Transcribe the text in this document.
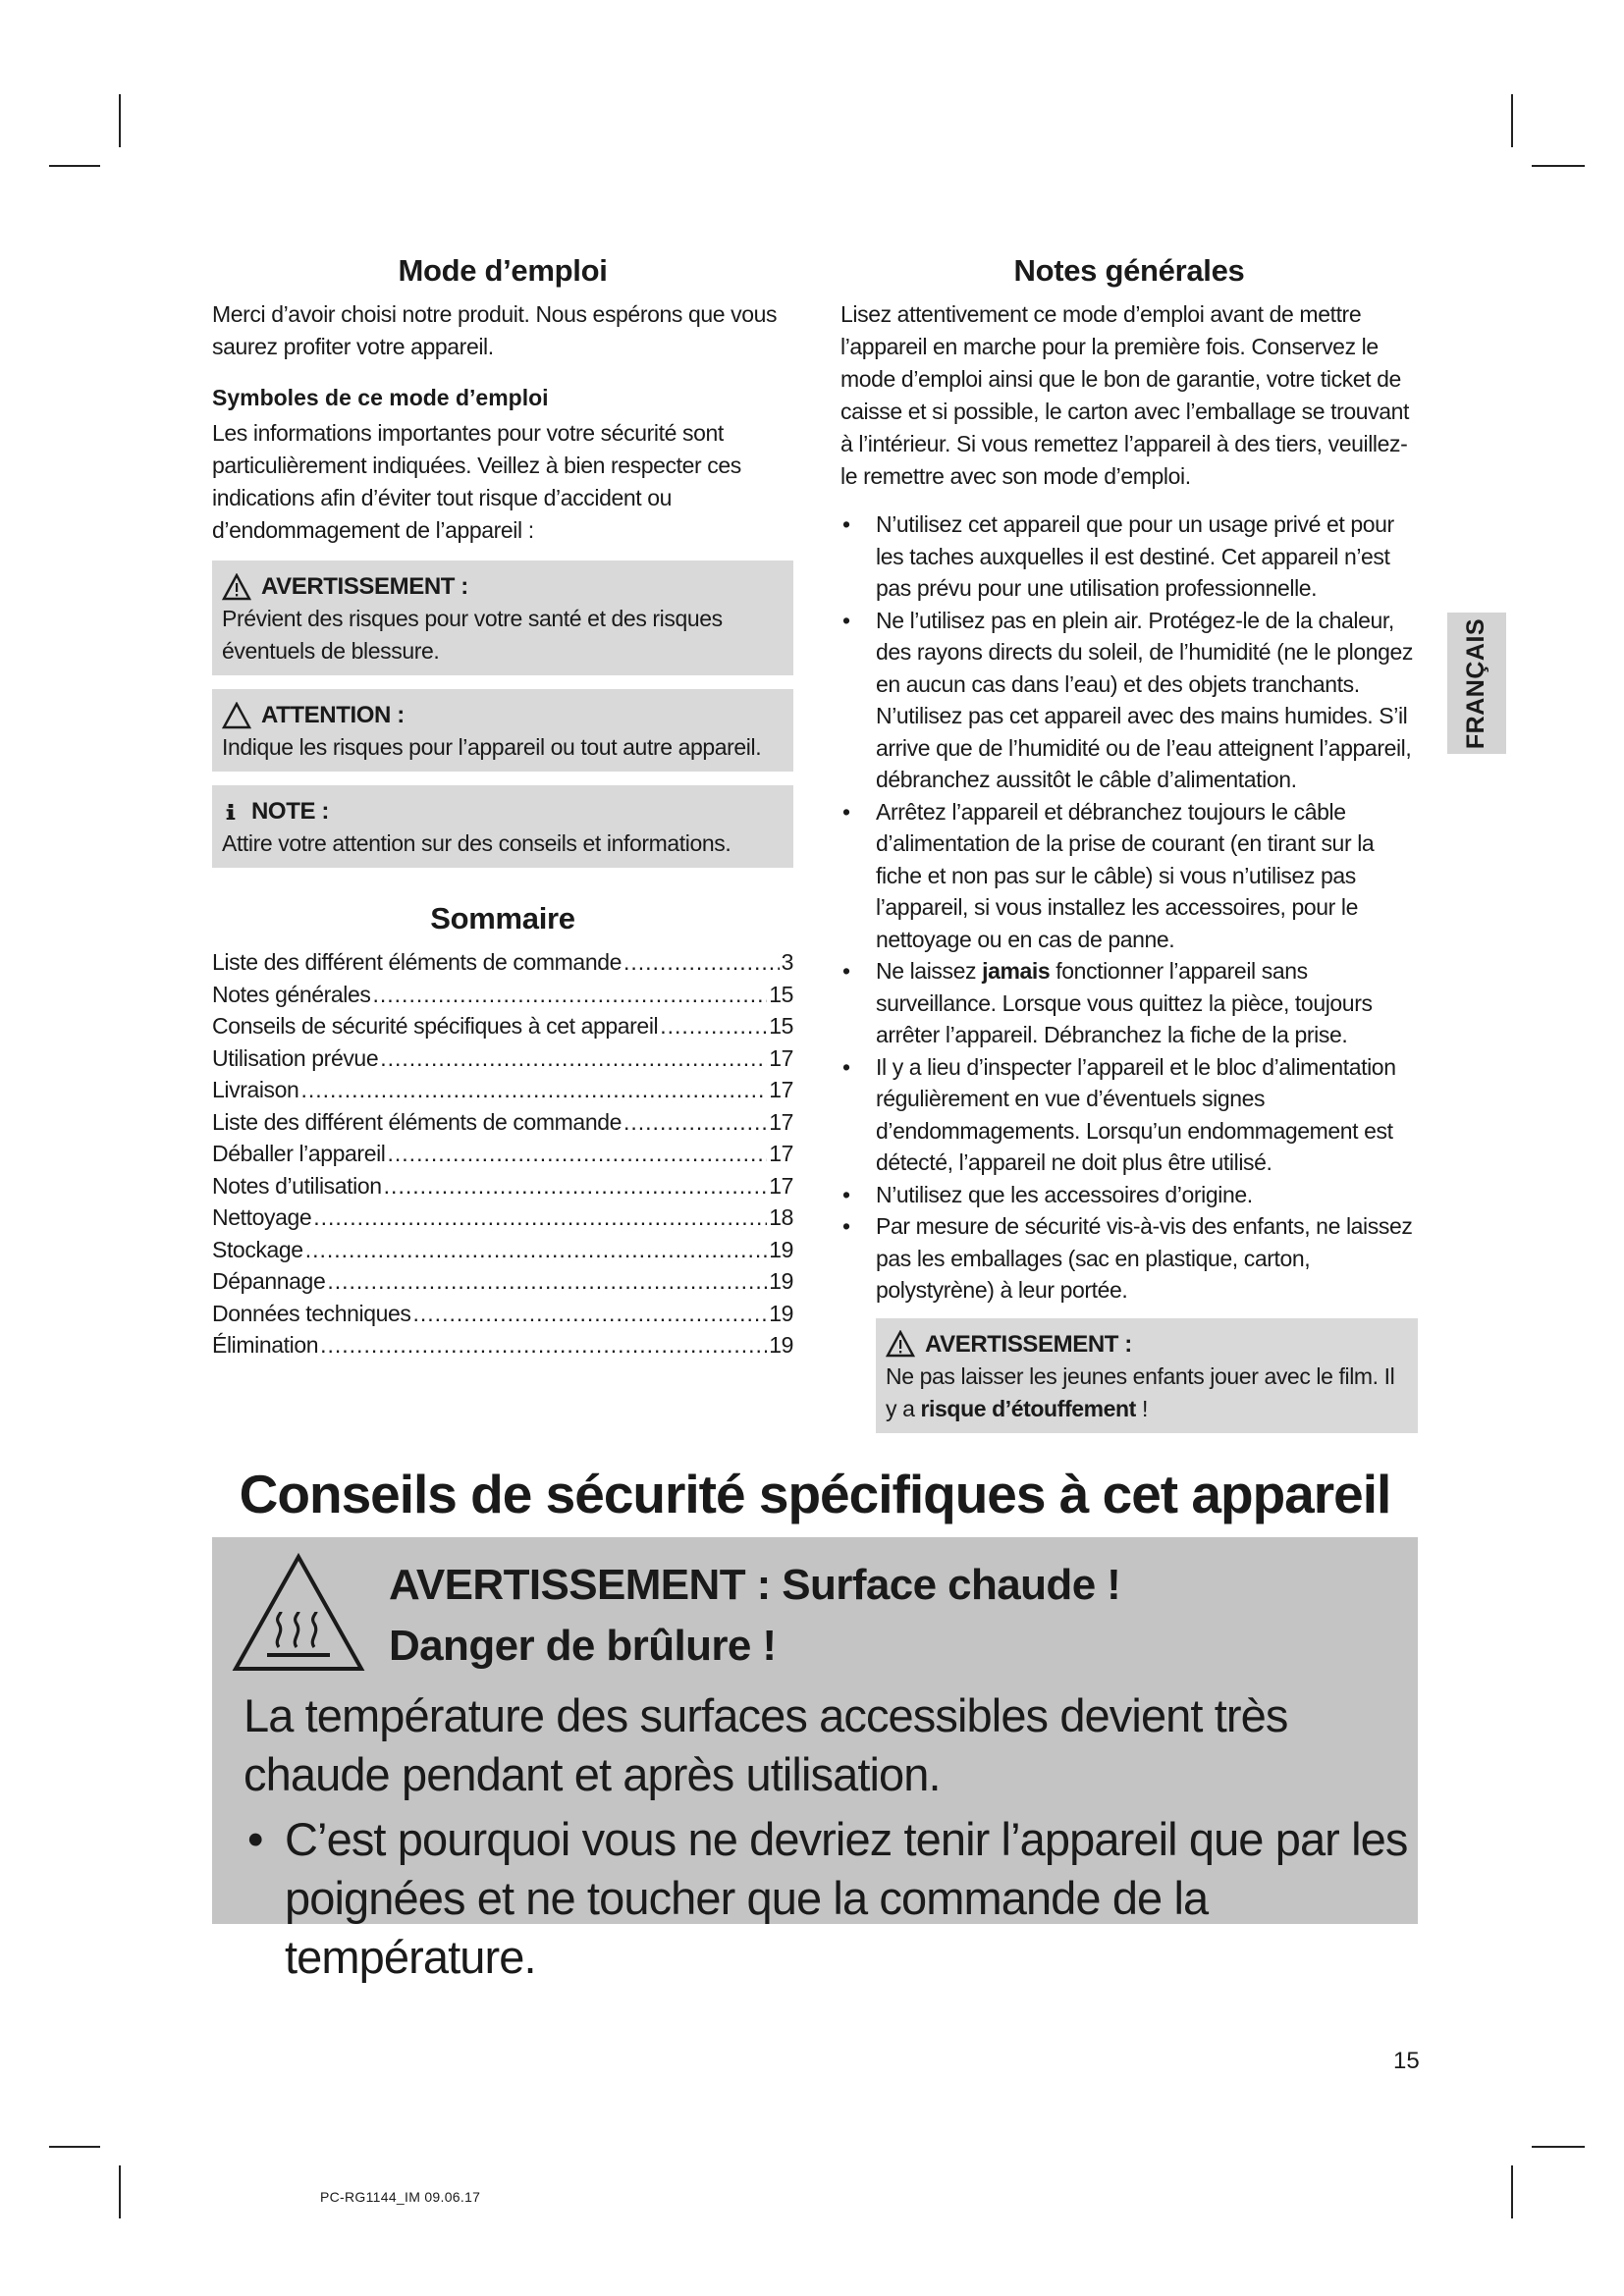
Mode d’emploi

Merci d’avoir choisi notre produit. Nous espérons que vous saurez profiter votre appareil.

Symboles de ce mode d’emploi

Les informations importantes pour votre sécurité sont particulièrement indiquées. Veillez à bien respecter ces indications afin d’éviter tout risque d’accident ou d’endommagement de l’appareil :

AVERTISSEMENT :
Prévient des risques pour votre santé et des risques éventuels de blessure.
ATTENTION :
Indique les risques pour l’appareil ou tout autre appareil.
NOTE :
Attire votre attention sur des conseils et informations.
Sommaire
Liste des différent éléments de commande .....	3
Notes générales .....	15
Conseils de sécurité spécifiques à cet appareil .....	15
Utilisation prévue .....	17
Livraison .....	17
Liste des différent éléments de commande .....	17
Déballer l’appareil .....	17
Notes d’utilisation .....	17
Nettoyage .....	18
Stockage .....	19
Dépannage .....	19
Données techniques .....	19
Élimination .....	19
Notes générales

Lisez attentivement ce mode d’emploi avant de mettre l’appareil en marche pour la première fois. Conservez le mode d’emploi ainsi que le bon de garantie, votre ticket de caisse et si possible, le carton avec l’emballage se trouvant à l’intérieur. Si vous remettez l’appareil à des tiers, veuillez-le remettre avec son mode d’emploi.

• N’utilisez cet appareil que pour un usage privé et pour les taches auxquelles il est destiné. Cet appareil n’est pas prévu pour une utilisation professionnelle.
• Ne l’utilisez pas en plein air. Protégez-le de la chaleur, des rayons directs du soleil, de l’humidité (ne le plongez en aucun cas dans l’eau) et des objets tranchants. N’utilisez pas cet appareil avec des mains humides. S’il arrive que de l’humidité ou de l’eau atteignent l’appareil, débranchez aussitôt le câble d’alimentation.
• Arrêtez l’appareil et débranchez toujours le câble d’alimentation de la prise de courant (en tirant sur la fiche et non pas sur le câble) si vous n’utilisez pas l’appareil, si vous installez les accessoires, pour le nettoyage ou en cas de panne.
• Ne laissez jamais fonctionner l’appareil sans surveillance. Lorsque vous quittez la pièce, toujours arrêter l’appareil. Débranchez la fiche de la prise.
• Il y a lieu d’inspecter l’appareil et le bloc d’alimentation régulièrement en vue d’éventuels signes d’endommagements. Lorsqu’un endommagement est détecté, l’appareil ne doit plus être utilisé.
• N’utilisez que les accessoires d’origine.
• Par mesure de sécurité vis-à-vis des enfants, ne laissez pas les emballages (sac en plastique, carton, polystyrène) à leur portée.
AVERTISSEMENT :
Ne pas laisser les jeunes enfants jouer avec le film. Il y a risque d’étouffement !
FRANÇAIS
Conseils de sécurité spécifiques à cet appareil
AVERTISSEMENT : Surface chaude !
Danger de brûlure !
La température des surfaces accessibles devient très chaude pendant et après utilisation.
• C’est pourquoi vous ne devriez tenir l’appareil que par les poignées et ne toucher que la commande de la température.
15
PC-RG1144_IM 09.06.17
